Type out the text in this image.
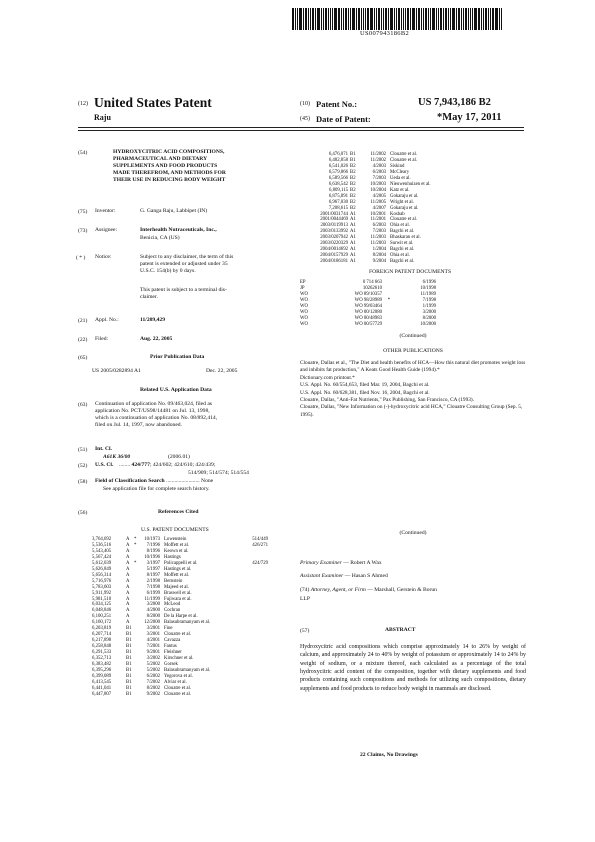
US007943186B2
(12) United States Patent
Raju
(10) Patent No.:	US 7,943,186 B2
(45) Date of Patent:	*May 17, 2011
(54)	HYDROXYCITRIC ACID COMPOSITIONS,
PHARMACEUTICAL AND DIETARY
SUPPLEMENTS AND FOOD PRODUCTS
MADE THEREFROM, AND METHODS FOR
THEIR USE IN REDUCING BODY WEIGHT
(75) Inventor:	G. Ganga Raju, Labbipet (IN)
(73) Assignee:	Interhealth Nutraceuticals, Inc.,
Benicia, CA (US)
( * ) Notice:	Subject to any disclaimer, the term of this
patent is extended or adjusted under 35
U.S.C. 154(b) by 0 days.
This patent is subject to a terminal dis-
claimer.
(21) Appl. No.:	11/209,429
(22) Filed:	Aug. 22, 2005
(65)	Prior Publication Data
US 2005/0282894 A1	Dec. 22, 2005
Related U.S. Application Data
(63) Continuation of application No. 09/463,024, filed as
application No. PCT/US98/14481 on Jul. 13, 1998,
which is a continuation of application No. 08/892,414,
filed on Jul. 14, 1997, now abandoned.
(51) Int. Cl.
A61K 36/00	(2006.01)
(52) U.S. Cl. ........ 424/777; 424/602; 424/610; 424/439;
514/909; 514/574; 514/554
(58) Field of Classification Search ........................ None
See application file for complete search history.
(56)	References Cited
U.S. PATENT DOCUMENTS
3,764,692	A	*	10/1973	Lowenstein	514/449
5,536,516	A	*	7/1996	Moffett et al.	426/271
5,543,405	A		8/1996	Keown et al.	
5,567,424	A		10/1996	Hastings	
5,612,039	A	*	3/1997	Policappelli et al.	424/729
5,626,849	A		5/1997	Hastings et al.	
5,656,314	A		8/1997	Moffett et al.	
5,716,976	A		2/1998	Bernstein	
5,783,603	A		7/1998	Majeed et al.	
5,911,992	A		6/1999	Braswell et al.	
5,981,510	A		11/1999	Fujiwara et al.	
6,034,125	A		3/2000	McLeod	
6,048,846	A		4/2000	Cochran	
6,100,251	A		8/2000	De la Harpe et al.	
6,160,172	A		12/2000	Balasubramanyam et al.	
6,203,819	B1		3/2001	Fine	
6,207,714	B1		3/2001	Clouatre et al.	
6,217,898	B1		4/2001	Cavazza	
6,258,848	B1		7/2001	Fantus	
6,291,533	B1		9/2001	Fleishner	
6,352,713	B1		3/2002	Kirschner et al.	
6,383,482	B1		5/2002	Gorsek	
6,395,296	B1		5/2002	Balasubramanyam et al.	
6,399,089	B1		6/2002	Yegorova et al.	
6,413,545	B1		7/2002	Alviar et al.	
6,441,041	B1		8/2002	Clouatre et al.	
6,447,807	B1		9/2002	Clouatre et al.	
6,476,071	B1		11/2002	Clouatre et al.
6,482,858	B1		11/2002	Clouatre et al.
6,541,026	B2		4/2003	Siskind
6,579,866	B2		6/2003	McCleary
6,589,566	B2		7/2003	Ueda et al.
6,638,542	B2		10/2003	Nieuwenhuizen et al.
6,809,115	B2		10/2004	Katz et al.
6,875,891	B2		4/2005	Gokaraju et al.
6,967,030	B2		11/2005	Wright et al.
7,208,615	B2		4/2007	Gokaraju et al.
2001/0031744	A1		10/2001	Kosbab
2001/0044469	A1		11/2001	Clouatre et al.
2003/0119913	A1		6/2003	Ohia et al.
2003/0133992	A1		7/2003	Bagchi et al.
2003/0207942	A1		11/2003	Bhaskaran et al.
2003/0220329	A1		11/2003	Surwit et al.
2004/0014692	A1		1/2004	Bagchi et al.
2004/0157929	A1		8/2004	Ohia et al.
2004/0186181	A1		9/2004	Bagchi et al.
FOREIGN PATENT DOCUMENTS
EP	0 714 663		6/1996
JP	10262610		10/1998
WO	WO 89/10357		11/1989
WO	WO 98/28989	*	7/1998
WO	WO 99/03464		1/1999
WO	WO 00/12080		3/2000
WO	WO 00/48983		8/2000
WO	WO 00/57729		10/2000
(Continued)
OTHER PUBLICATIONS
Clouatre, Dallas et al., "The Diet and health benefits of HCA—How this natural diet promotes weight loss and inhibits fat production," A Keats Good Health Guide (1994).*
Dictionary.com printout.*
U.S. Appl. No. 60/554,653, filed Mar. 19, 2004, Bagchi et al.
U.S. Appl. No. 60/628,381, filed Nov. 16, 2004, Bagchi et al.
Clouatre, Dallas, "Anti-Fat Nutrients," Pax Publishing, San Francisco, CA (1993).
Clouatre, Dallas, "New Information on (-)-hydroxycitric acid HCA," Clouatre Consulting Group (Sep. 5, 1995).
(Continued)
Primary Examiner — Robert A Wax
Assistant Examiner — Hasan S Ahmed
(74) Attorney, Agent, or Firm — Marshall, Gerstein & Borun
LLP
(57)	ABSTRACT
Hydroxycitric acid compositions which comprise approximately 14 to 26% by weight of calcium, and approximately 24 to 40% by weight of potassium or approximately 14 to 24% by weight of sodium, or a mixture thereof, each calculated as a percentage of the total hydroxycitric acid content of the composition, together with dietary supplements and food products containing such compositions and methods for utilizing such compositions, dietary supplements and food products to reduce body weight in mammals are disclosed.
22 Claims, No Drawings
